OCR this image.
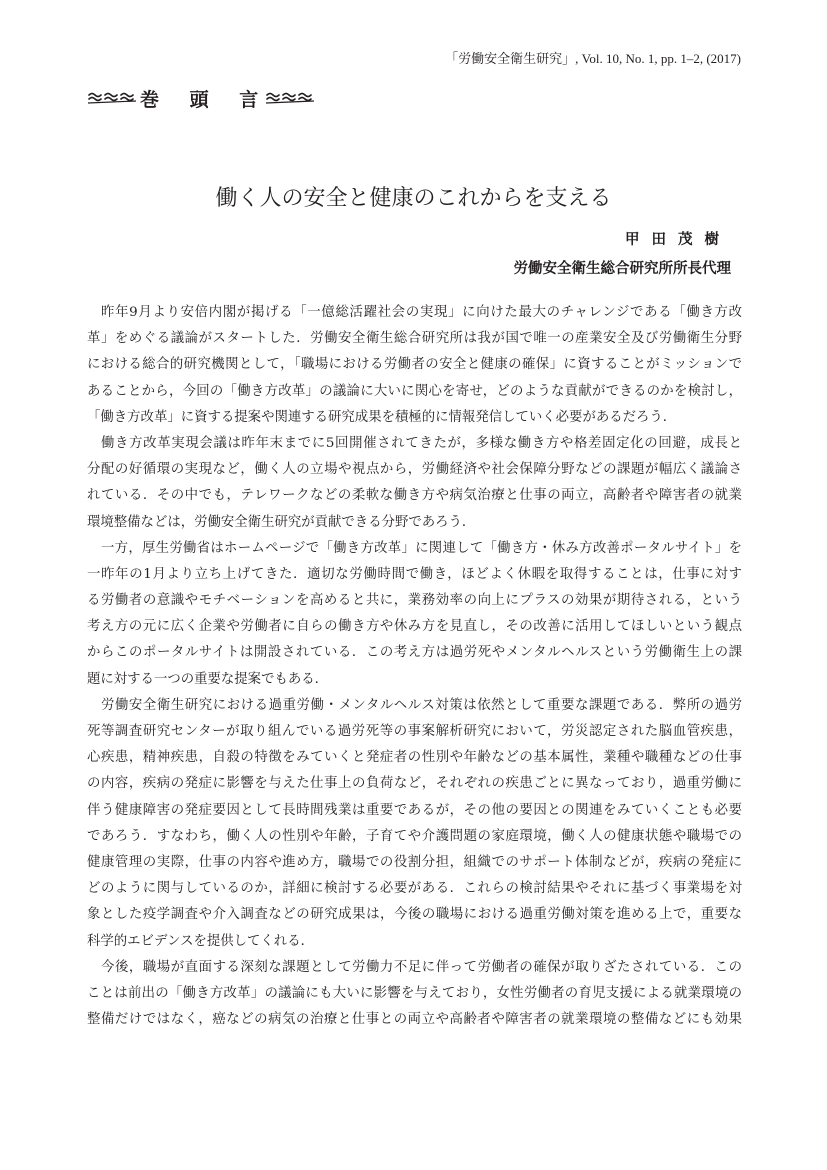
「労働安全衛生研究」, Vol. 10, No. 1, pp. 1–2, (2017)
巻 頭 言
働く人の安全と健康のこれからを支える
甲田茂樹
労働安全衛生総合研究所所長代理
昨年9月より安倍内閣が掲げる「一億総活躍社会の実現」に向けた最大のチャレンジである「働き方改
革」をめぐる議論がスタートした．労働安全衛生総合研究所は我が国で唯一の産業安全及び労働衛生分野
における総合的研究機関として，「職場における労働者の安全と健康の確保」に資することがミッションで
あることから，今回の「働き方改革」の議論に大いに関心を寄せ，どのような貢献ができるのかを検討し，
「働き方改革」に資する提案や関連する研究成果を積極的に情報発信していく必要があるだろう．
働き方改革実現会議は昨年末までに5回開催されてきたが，多様な働き方や格差固定化の回避，成長と
分配の好循環の実現など，働く人の立場や視点から，労働経済や社会保障分野などの課題が幅広く議論さ
れている．その中でも，テレワークなどの柔軟な働き方や病気治療と仕事の両立，高齢者や障害者の就業
環境整備などは，労働安全衛生研究が貢献できる分野であろう．
一方，厚生労働省はホームページで「働き方改革」に関連して「働き方・休み方改善ポータルサイト」を
一昨年の1月より立ち上げてきた．適切な労働時間で働き，ほどよく休暇を取得することは，仕事に対す
る労働者の意識やモチベーションを高めると共に，業務効率の向上にプラスの効果が期待される，という
考え方の元に広く企業や労働者に自らの働き方や休み方を見直し，その改善に活用してほしいという観点
からこのポータルサイトは開設されている．この考え方は過労死やメンタルヘルスという労働衛生上の課
題に対する一つの重要な提案でもある．
労働安全衛生研究における過重労働・メンタルヘルス対策は依然として重要な課題である．弊所の過労
死等調査研究センターが取り組んでいる過労死等の事案解析研究において，労災認定された脳血管疾患，
心疾患，精神疾患，自殺の特徴をみていくと発症者の性別や年齢などの基本属性，業種や職種などの仕事
の内容，疾病の発症に影響を与えた仕事上の負荷など，それぞれの疾患ごとに異なっており，過重労働に
伴う健康障害の発症要因として長時間残業は重要であるが，その他の要因との関連をみていくことも必要
であろう．すなわち，働く人の性別や年齢，子育てや介護問題の家庭環境，働く人の健康状態や職場での
健康管理の実際，仕事の内容や進め方，職場での役割分担，組織でのサポート体制などが，疾病の発症に
どのように関与しているのか，詳細に検討する必要がある．これらの検討結果やそれに基づく事業場を対
象とした疫学調査や介入調査などの研究成果は，今後の職場における過重労働対策を進める上で，重要な
科学的エビデンスを提供してくれる．
今後，職場が直面する深刻な課題として労働力不足に伴って労働者の確保が取りざたされている．この
ことは前出の「働き方改革」の議論にも大いに影響を与えており，女性労働者の育児支援による就業環境の
整備だけではなく，癌などの病気の治療と仕事との両立や高齢者や障害者の就業環境の整備などにも効果
